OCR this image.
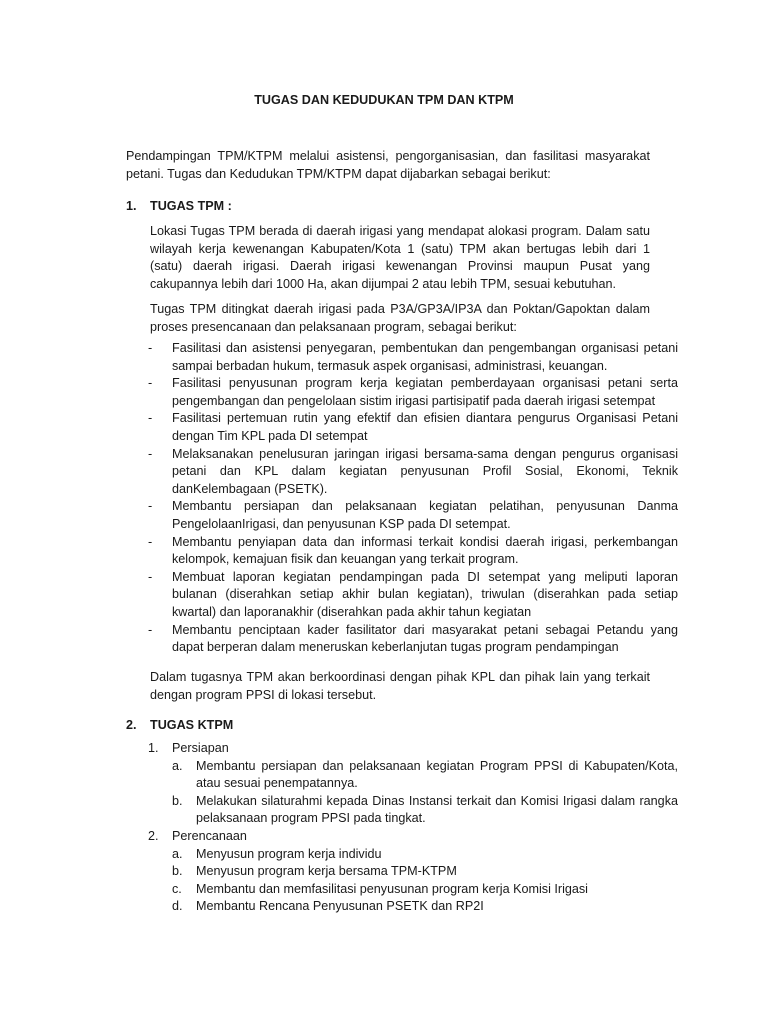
TUGAS DAN KEDUDUKAN TPM DAN KTPM
Pendampingan TPM/KTPM melalui asistensi, pengorganisasian, dan fasilitasi masyarakat petani. Tugas dan Kedudukan TPM/KTPM dapat dijabarkan sebagai berikut:
1. TUGAS TPM :
Lokasi Tugas TPM berada di daerah irigasi yang mendapat alokasi program. Dalam satu wilayah kerja kewenangan Kabupaten/Kota 1 (satu) TPM akan bertugas lebih dari 1 (satu) daerah irigasi. Daerah irigasi kewenangan Provinsi maupun Pusat yang cakupannya lebih dari 1000 Ha, akan dijumpai 2 atau lebih TPM, sesuai kebutuhan.
Tugas TPM ditingkat daerah irigasi pada P3A/GP3A/IP3A dan Poktan/Gapoktan dalam proses presencanaan dan pelaksanaan program, sebagai berikut:
- Fasilitasi dan asistensi penyegaran, pembentukan dan pengembangan organisasi petani sampai berbadan hukum, termasuk aspek organisasi, administrasi, keuangan.
- Fasilitasi penyusunan program kerja kegiatan pemberdayaan organisasi petani serta pengembangan dan pengelolaan sistim irigasi partisipatif pada daerah irigasi setempat
- Fasilitasi pertemuan rutin yang efektif dan efisien diantara pengurus Organisasi Petani dengan Tim KPL pada DI setempat
- Melaksanakan penelusuran jaringan irigasi bersama-sama dengan pengurus organisasi petani dan KPL dalam kegiatan penyusunan Profil Sosial, Ekonomi, Teknik danKelembagaan (PSETK).
- Membantu persiapan dan pelaksanaan kegiatan pelatihan, penyusunan Danma PengelolaanIrigasi, dan penyusunan KSP pada DI setempat.
- Membantu penyiapan data dan informasi terkait kondisi daerah irigasi, perkembangan kelompok, kemajuan fisik dan keuangan yang terkait program.
- Membuat laporan kegiatan pendampingan pada DI setempat yang meliputi laporan bulanan (diserahkan setiap akhir bulan kegiatan), triwulan (diserahkan pada setiap kwartal) dan laporanakhir (diserahkan pada akhir tahun kegiatan
- Membantu penciptaan kader fasilitator dari masyarakat petani sebagai Petandu yang dapat berperan dalam meneruskan keberlanjutan tugas program pendampingan
Dalam tugasnya TPM akan berkoordinasi dengan pihak KPL dan pihak lain yang terkait dengan program PPSI di lokasi tersebut.
2. TUGAS KTPM
1. Persiapan
a. Membantu persiapan dan pelaksanaan kegiatan Program PPSI di Kabupaten/Kota, atau sesuai penempatannya.
b. Melakukan silaturahmi kepada Dinas Instansi terkait dan Komisi Irigasi dalam rangka pelaksanaan program PPSI pada tingkat.
2. Perencanaan
a. Menyusun program kerja individu
b. Menyusun program kerja bersama TPM-KTPM
c. Membantu dan memfasilitasi penyusunan program kerja Komisi Irigasi
d. Membantu Rencana Penyusunan PSETK dan RP2I
